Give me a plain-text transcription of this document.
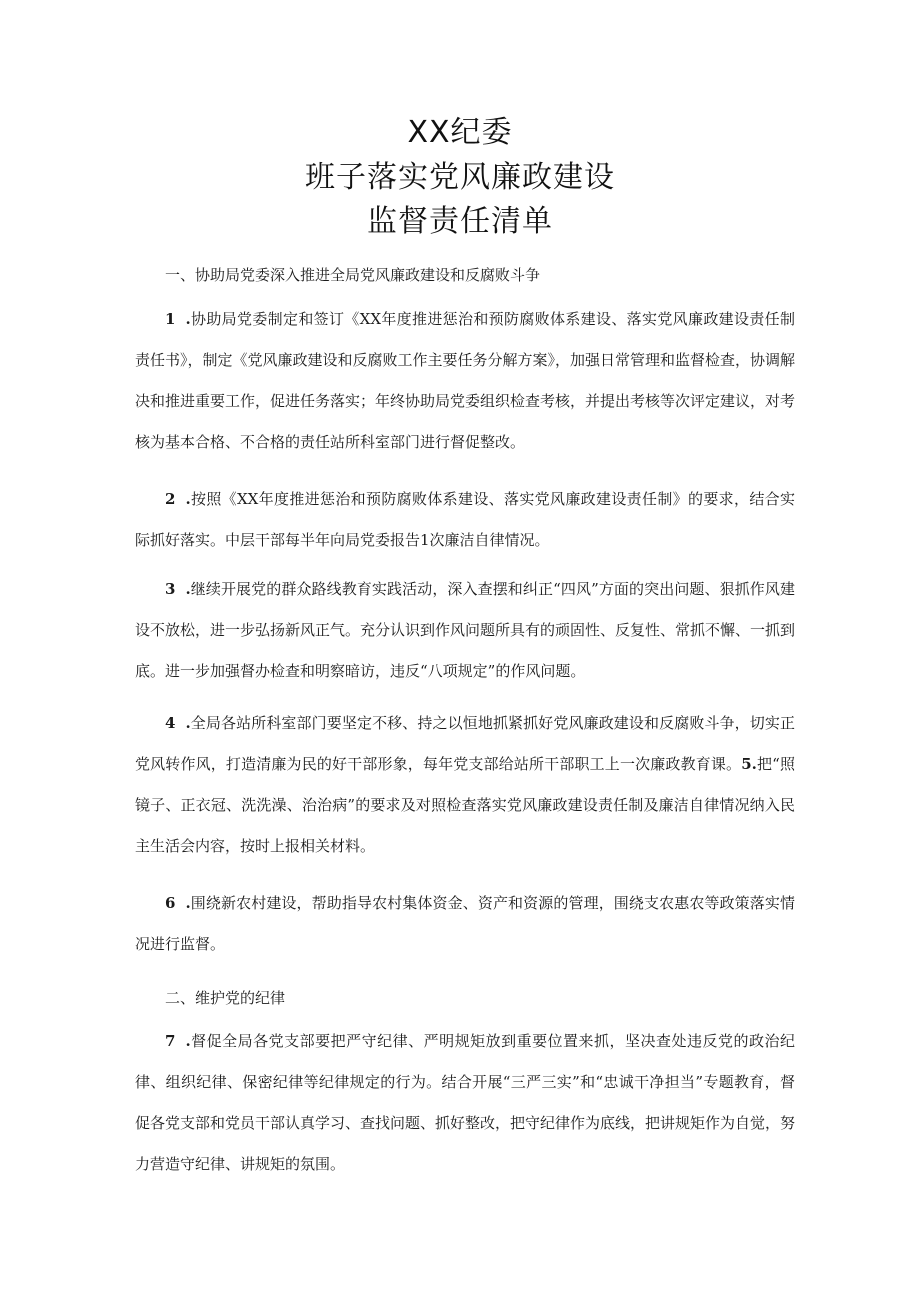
XX纪委
班子落实党风廉政建设
监督责任清单
一、协助局党委深入推进全局党风廉政建设和反腐败斗争
1 .协助局党委制定和签订《XX年度推进惩治和预防腐败体系建设、落实党风廉政建设责任制责任书》，制定《党风廉政建设和反腐败工作主要任务分解方案》，加强日常管理和监督检查，协调解决和推进重要工作，促进任务落实；年终协助局党委组织检查考核，并提出考核等次评定建议，对考核为基本合格、不合格的责任站所科室部门进行督促整改。
2 .按照《XX年度推进惩治和预防腐败体系建设、落实党风廉政建设责任制》的要求，结合实际抓好落实。中层干部每半年向局党委报告1次廉洁自律情况。
3 .继续开展党的群众路线教育实践活动，深入查摆和纠正“四风”方面的突出问题、狠抓作风建设不放松，进一步弘扬新风正气。充分认识到作风问题所具有的顽固性、反复性、常抓不懈、一抓到底。进一步加强督办检查和明察暗访，违反“八项规定”的作风问题。
4 .全局各站所科室部门要坚定不移、持之以恒地抓紧抓好党风廉政建设和反腐败斗争，切实正党风转作风，打造清廉为民的好干部形象，每年党支部给站所干部职工上一次廉政教育课。5.把“照镜子、正衣冠、洗洗澡、治治病”的要求及对照检查落实党风廉政建设责任制及廉洁自律情况纳入民主生活会内容，按时上报相关材料。
6 .围绕新农村建设，帮助指导农村集体资金、资产和资源的管理，围绕支农惠农等政策落实情况进行监督。
二、维护党的纪律
7 .督促全局各党支部要把严守纪律、严明规矩放到重要位置来抓，坚决查处违反党的政治纪律、组织纪律、保密纪律等纪律规定的行为。结合开展“三严三实”和“忠诚干净担当”专题教育，督促各党支部和党员干部认真学习、查找问题、抓好整改，把守纪律作为底线，把讲规矩作为自觉，努力营造守纪律、讲规矩的氛围。
